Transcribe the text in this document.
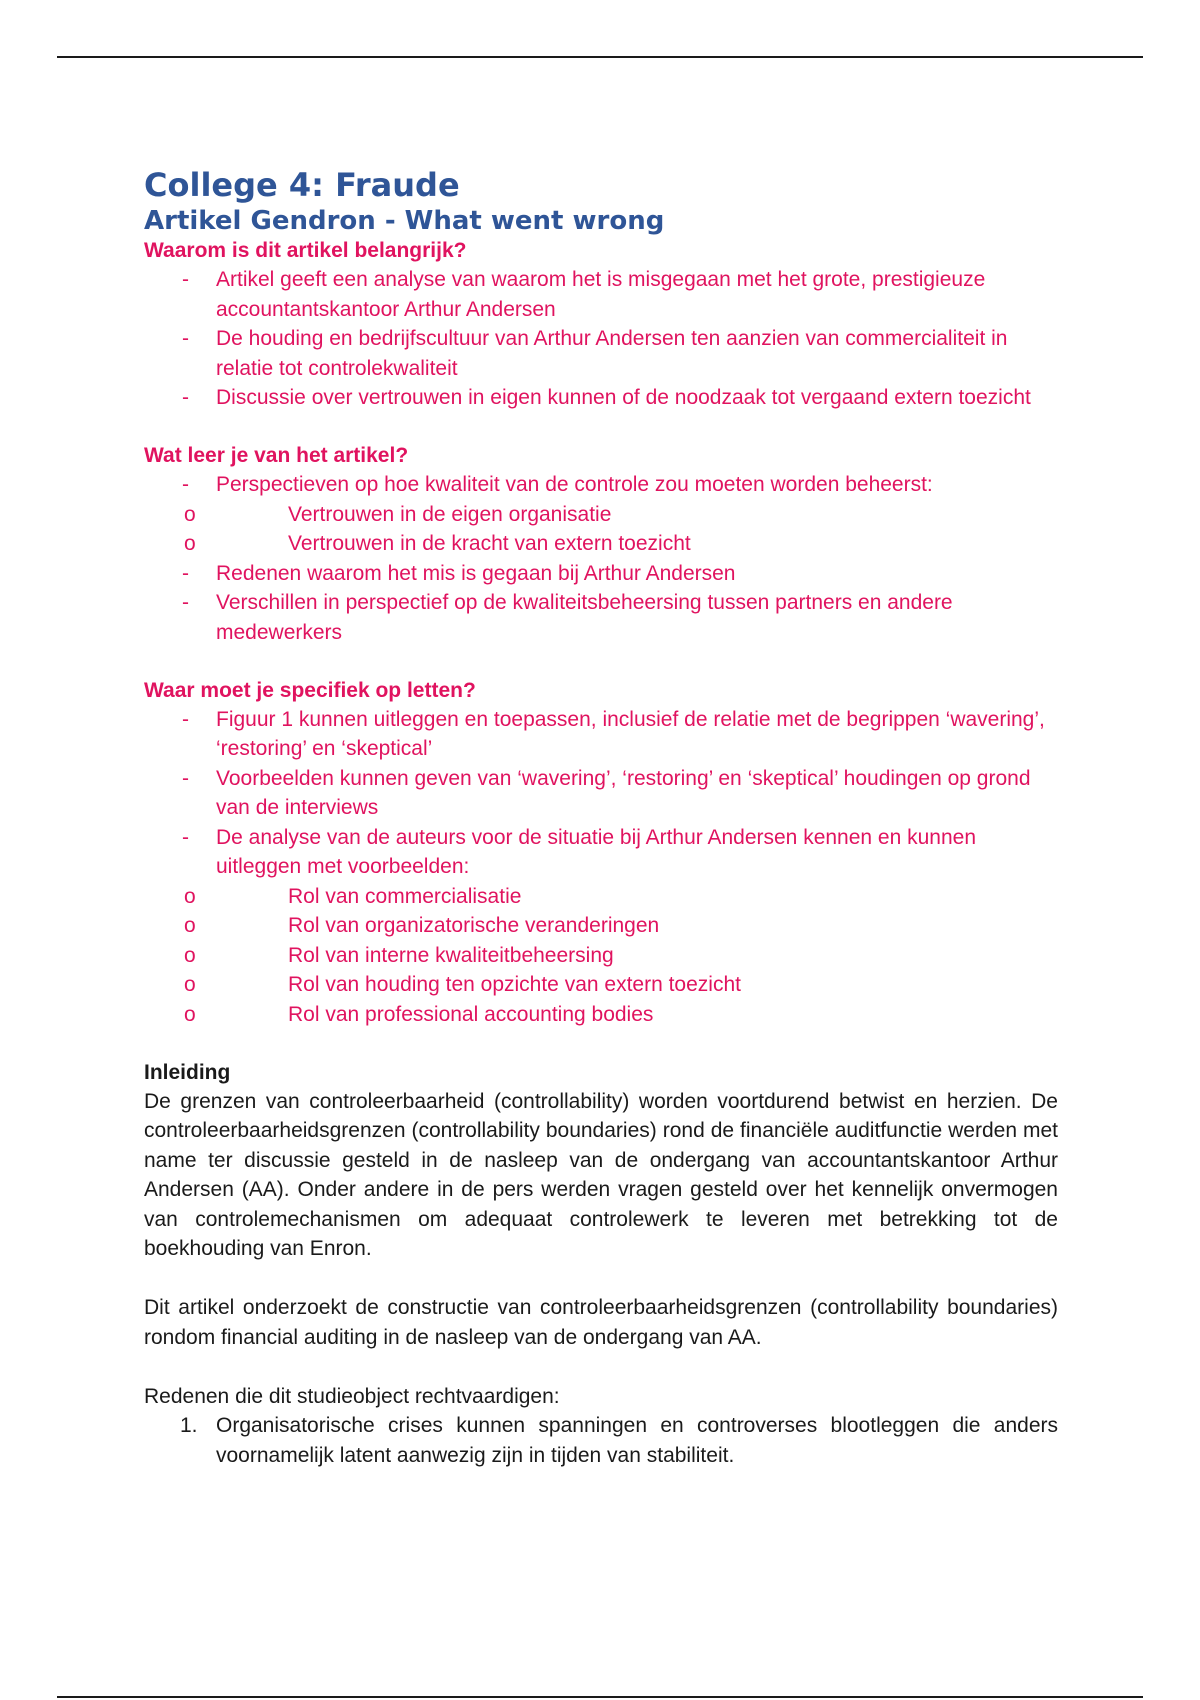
College 4: Fraude
Artikel Gendron - What went wrong

Waarom is dit artikel belangrijk?

- Artikel geeft een analyse van waarom het is misgegaan met het grote, prestigieuze accountantskantoor Arthur Andersen
- De houding en bedrijfscultuur van Arthur Andersen ten aanzien van commercialiteit in relatie tot controlekwaliteit
- Discussie over vertrouwen in eigen kunnen of de noodzaak tot vergaand extern toezicht

Wat leer je van het artikel?

- Perspectieven op hoe kwaliteit van de controle zou moeten worden beheerst:
o Vertrouwen in de eigen organisatie
o Vertrouwen in de kracht van extern toezicht
- Redenen waarom het mis is gegaan bij Arthur Andersen
- Verschillen in perspectief op de kwaliteitsbeheersing tussen partners en andere medewerkers

Waar moet je specifiek op letten?

- Figuur 1 kunnen uitleggen en toepassen, inclusief de relatie met de begrippen ‘wavering’, ‘restoring’ en ‘skeptical’
- Voorbeelden kunnen geven van ‘wavering’, ‘restoring’ en ‘skeptical’ houdingen op grond van de interviews
- De analyse van de auteurs voor de situatie bij Arthur Andersen kennen en kunnen uitleggen met voorbeelden:
o Rol van commercialisatie
o Rol van organizatorische veranderingen
o Rol van interne kwaliteitbeheersing
o Rol van houding ten opzichte van extern toezicht
o Rol van professional accounting bodies

Inleiding

De grenzen van controleerbaarheid (controllability) worden voortdurend betwist en herzien. De controleerbaarheidsgrenzen (controllability boundaries) rond de financiële auditfunctie werden met name ter discussie gesteld in de nasleep van de ondergang van accountantskantoor Arthur Andersen (AA). Onder andere in de pers werden vragen gesteld over het kennelijk onvermogen van controlemechanismen om adequaat controlewerk te leveren met betrekking tot de boekhouding van Enron.

Dit artikel onderzoekt de constructie van controleerbaarheidsgrenzen (controllability boundaries) rondom financial auditing in de nasleep van de ondergang van AA.

Redenen die dit studieobject rechtvaardigen:

1. Organisatorische crises kunnen spanningen en controverses blootleggen die anders voornamelijk latent aanwezig zijn in tijden van stabiliteit.
